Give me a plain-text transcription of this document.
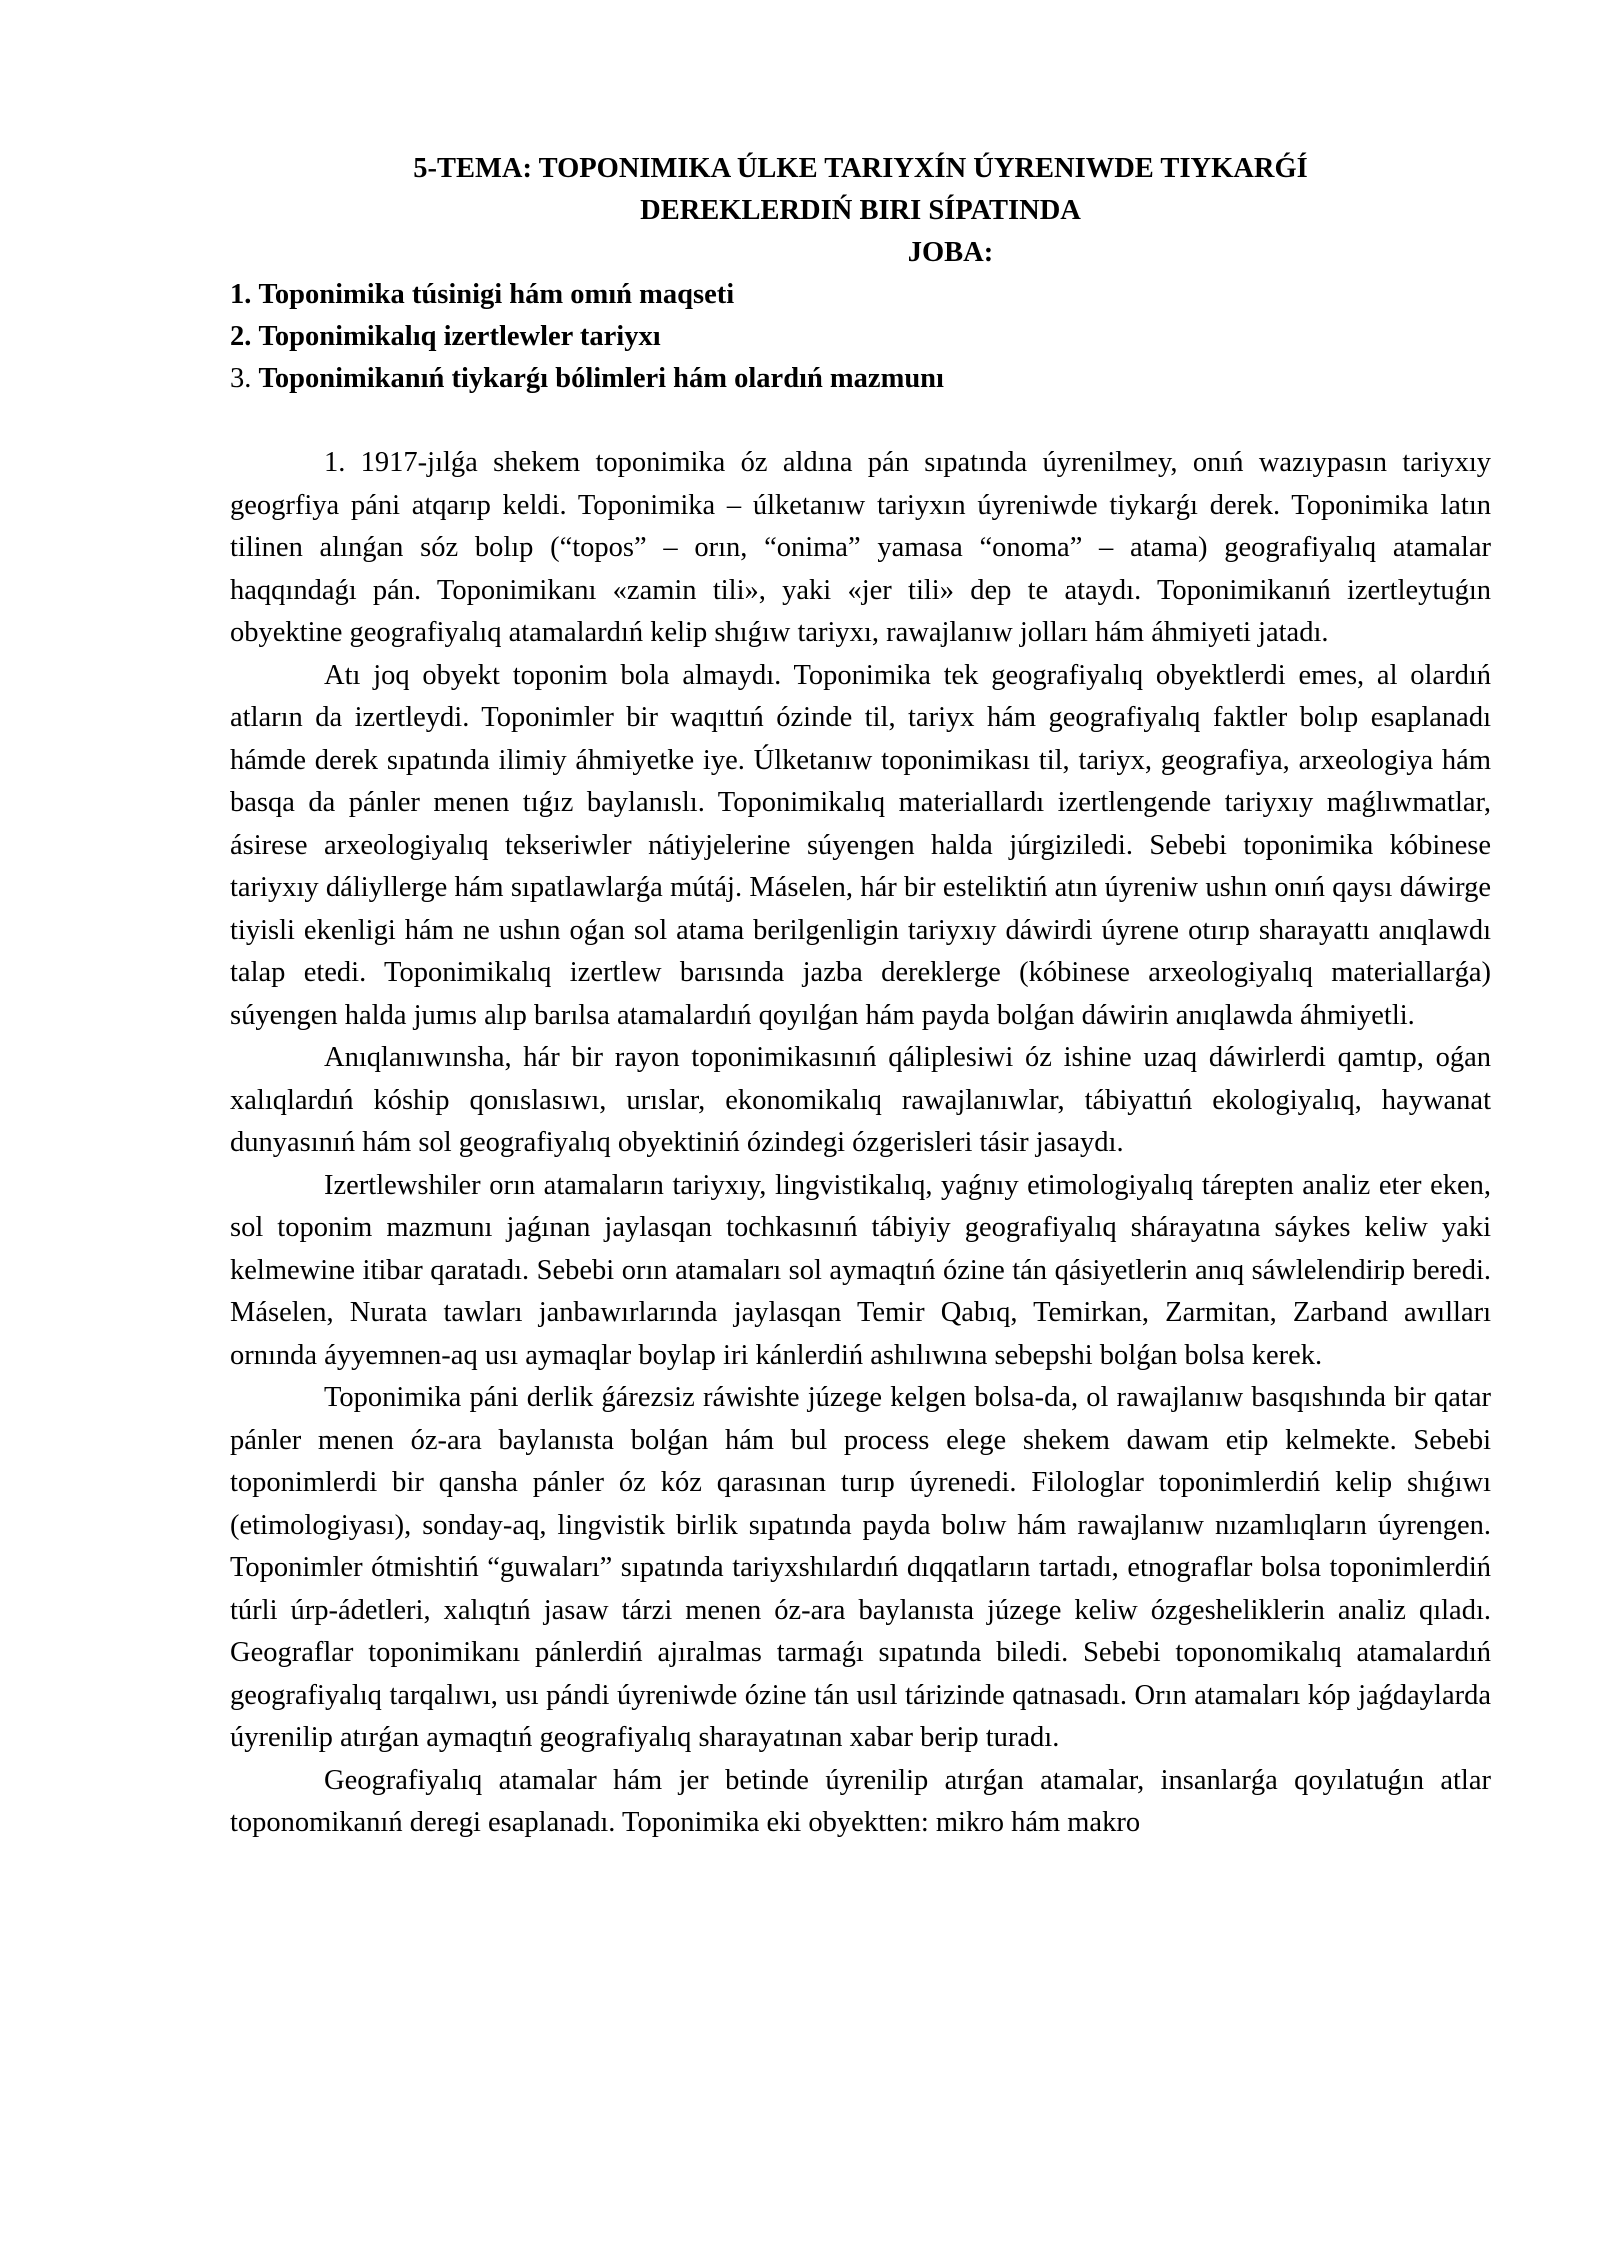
5-TEMA: TOPONIMIKA ÚLKE TARIYXÍN ÚYRENIWDE TIYKARǴÍ
DEREKLERDIŃ BIRI SÍPATINDA
JOBA:
1. Toponimika túsinigi hám omıń maqseti
2. Toponimikalıq izertlewler tariyxı
3. Toponimikanıń tiykarǵı bólimleri hám olardıń mazmunı

1. 1917-jılǵa shekem toponimika óz aldına pán sıpatında úyrenilmey, onıń wazıypasın tariyxıy geogrfiya páni atqarıp keldi. Toponimika – úlketanıw tariyxın úyreniwde tiykarǵı derek. Toponimika latın tilinen alınǵan sóz bolıp (“topos” – orın, “onima” yamasa “onoma” – atama) geografiyalıq atamalar haqqındaǵı pán. Toponimikanı «zamin tili», yaki «jer tili» dep te ataydı. Toponimikanıń izertleytuǵın obyektine geografiyalıq atamalardıń kelip shıǵıw tariyxı, rawajlanıw jolları hám áhmiyeti jatadı.

Atı joq obyekt toponim bola almaydı. Toponimika tek geografiyalıq obyektlerdi emes, al olardıń atların da izertleydi. Toponimler bir waqıttıń ózinde til, tariyx hám geografiyalıq faktler bolıp esaplanadı hámde derek sıpatında ilimiy áhmiyetke iye. Úlketanıw toponimikası til, tariyx, geografiya, arxeologiya hám basqa da pánler menen tıǵız baylanıslı. Toponimikalıq materiallardı izertlengende tariyxıy maǵlıwmatlar, ásirese arxeologiyalıq tekseriwler nátiyjelerine súyengen halda júrgiziledi. Sebebi toponimika kóbinese tariyxıy dáliyllerge hám sıpatlawlarǵa mútáj. Máselen, hár bir esteliktiń atın úyreniw ushın onıń qaysı dáwirge tiyisli ekenligi hám ne ushın oǵan sol atama berilgenligin tariyxıy dáwirdi úyrene otırıp sharayattı anıqlawdı talap etedi. Toponimikalıq izertlew barısında jazba dereklerge (kóbinese arxeologiyalıq materiallarǵa) súyengen halda jumıs alıp barılsa atamalardıń qoyılǵan hám payda bolǵan dáwirin anıqlawda áhmiyetli.

Anıqlanıwınsha, hár bir rayon toponimikasınıń qáliplesiwi óz ishine uzaq dáwirlerdi qamtıp, oǵan xalıqlardıń kóship qonıslasıwı, urıslar, ekonomikalıq rawajlanıwlar, tábiyattıń ekologiyalıq, haywanat dunyasınıń hám sol geografiyalıq obyektiniń ózindegi ózgerisleri tásir jasaydı.

Izertlewshiler orın atamaların tariyxıy, lingvistikalıq, yaǵnıy etimologiyalıq tárepten analiz eter eken, sol toponim mazmunı jaǵınan jaylasqan tochkasınıń tábiyiy geografiyalıq shárayatına sáykes keliw yaki kelmewine itibar qaratadı. Sebebi orın atamaları sol aymaqtıń ózine tán qásiyetlerin anıq sáwlelendirip beredi. Máselen, Nurata tawları janbawırlarında jaylasqan Temir Qabıq, Temirkan, Zarmitan, Zarband awılları ornında áyyemnen-aq usı aymaqlar boylap iri kánlerdiń ashılıwına sebepshi bolǵan bolsa kerek.

Toponimika páni derlik ǵárezsiz ráwishte júzege kelgen bolsa-da, ol rawajlanıw basqıshında bir qatar pánler menen óz-ara baylanısta bolǵan hám bul process elege shekem dawam etip kelmekte. Sebebi toponimlerdi bir qansha pánler óz kóz qarasınan turıp úyrenedi. Filologlar toponimlerdiń kelip shıǵıwı (etimologiyası), sonday-aq, lingvistik birlik sıpatında payda bolıw hám rawajlanıw nızamlıqların úyrengen. Toponimler ótmishtiń “guwaları” sıpatında tariyxshılardıń dıqqatların tartadı, etnograflar bolsa toponimlerdiń túrli úrp-ádetleri, xalıqtıń jasaw tárzi menen óz-ara baylanısta júzege keliw ózgesheliklerin analiz qıladı. Geograflar toponimikanı pánlerdiń ajıralmas tarmaǵı sıpatında biledi. Sebebi toponomikalıq atamalardıń geografiyalıq tarqalıwı, usı pándi úyreniwde ózine tán usıl tárizinde qatnasadı. Orın atamaları kóp jaǵdaylarda úyrenilip atırǵan aymaqtıń geografiyalıq sharayatınan xabar berip turadı.

Geografiyalıq atamalar hám jer betinde úyrenilip atırǵan atamalar, insanlarǵa qoyılatuǵın atlar toponomikanıń deregi esaplanadı. Toponimika eki obyektten: mikro hám makro
